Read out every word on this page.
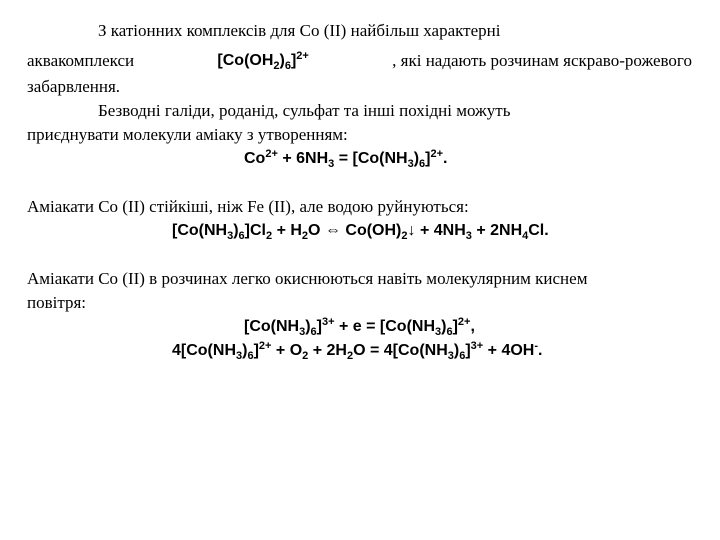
З катіонних комплексів для Co (II) найбільш характерні
аквакомплекси	$[Co(OH_2)_6]^{2+}$	, які надають розчинам яскраво-рожевого
забарвлення.
Безводні галіди, роданід, сульфат та інші похідні можуть
приєднувати молекули аміаку з утворенням:
$Co^{2+} + 6NH_3 = [Co(NH_3)_6]^{2+}$.
Аміакати Co (II) стійкіші, ніж Fe (II), але водою руйнуються:
$[Co(NH_3)_6]Cl_2 + H_2O$ ⇔ $Co(OH)_2↓ + 4NH_3 + 2NH_4Cl$.
Аміакати Co (II) в розчинах легко окиснюються навіть молекулярним киснем
повітря:
$[Co(NH_3)_6]^{3+} + e = [Co(NH_3)_6]^{2+}$,
$4[Co(NH_3)_6]^{2+} + O_2 + 2H_2O = 4[Co(NH_3)_6]^{3+} + 4OH^-$.
